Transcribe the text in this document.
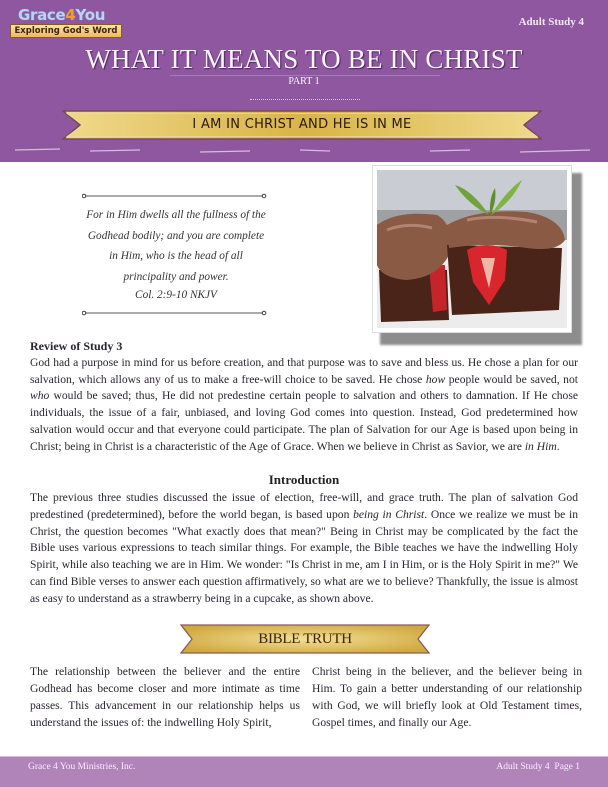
Grace4You
Exploring God's Word
Adult Study 4
WHAT IT MEANS TO BE IN CHRIST
PART 1
I AM IN CHRIST AND HE IS IN ME
For in Him dwells all the fullness of the
Godhead bodily; and you are complete
in Him, who is the head of all
principality and power.
Col. 2:9-10 NKJV
Review of Study 3

God had a purpose in mind for us before creation, and that purpose was to save and bless us. He chose a plan for our salvation, which allows any of us to make a free-will choice to be saved. He chose how people would be saved, not who would be saved; thus, He did not predestine certain people to salvation and others to damnation. If He chose individuals, the issue of a fair, unbiased, and loving God comes into question. Instead, God predetermined how salvation would occur and that everyone could participate. The plan of Salvation for our Age is based upon being in Christ; being in Christ is a characteristic of the Age of Grace. When we believe in Christ as Savior, we are in Him.

Introduction

The previous three studies discussed the issue of election, free-will, and grace truth. The plan of salvation God predestined (predetermined), before the world began, is based upon being in Christ. Once we realize we must be in Christ, the question becomes "What exactly does that mean?" Being in Christ may be complicated by the fact the Bible uses various expressions to teach similar things. For example, the Bible teaches we have the indwelling Holy Spirit, while also teaching we are in Him. We wonder: "Is Christ in me, am I in Him, or is the Holy Spirit in me?" We can find Bible verses to answer each question affirmatively, so what are we to believe? Thankfully, the issue is almost as easy to understand as a strawberry being in a cupcake, as shown above.

BIBLE TRUTH
The relationship between the believer and the entire Godhead has become closer and more intimate as time passes. This advancement in our relationship helps us understand the issues of: the indwelling Holy Spirit,
Christ being in the believer, and the believer being in Him. To gain a better understanding of our relationship with God, we will briefly look at Old Testament times, Gospel times, and finally our Age.
Grace 4 You Ministries, Inc.	Adult Study 4  Page 1
